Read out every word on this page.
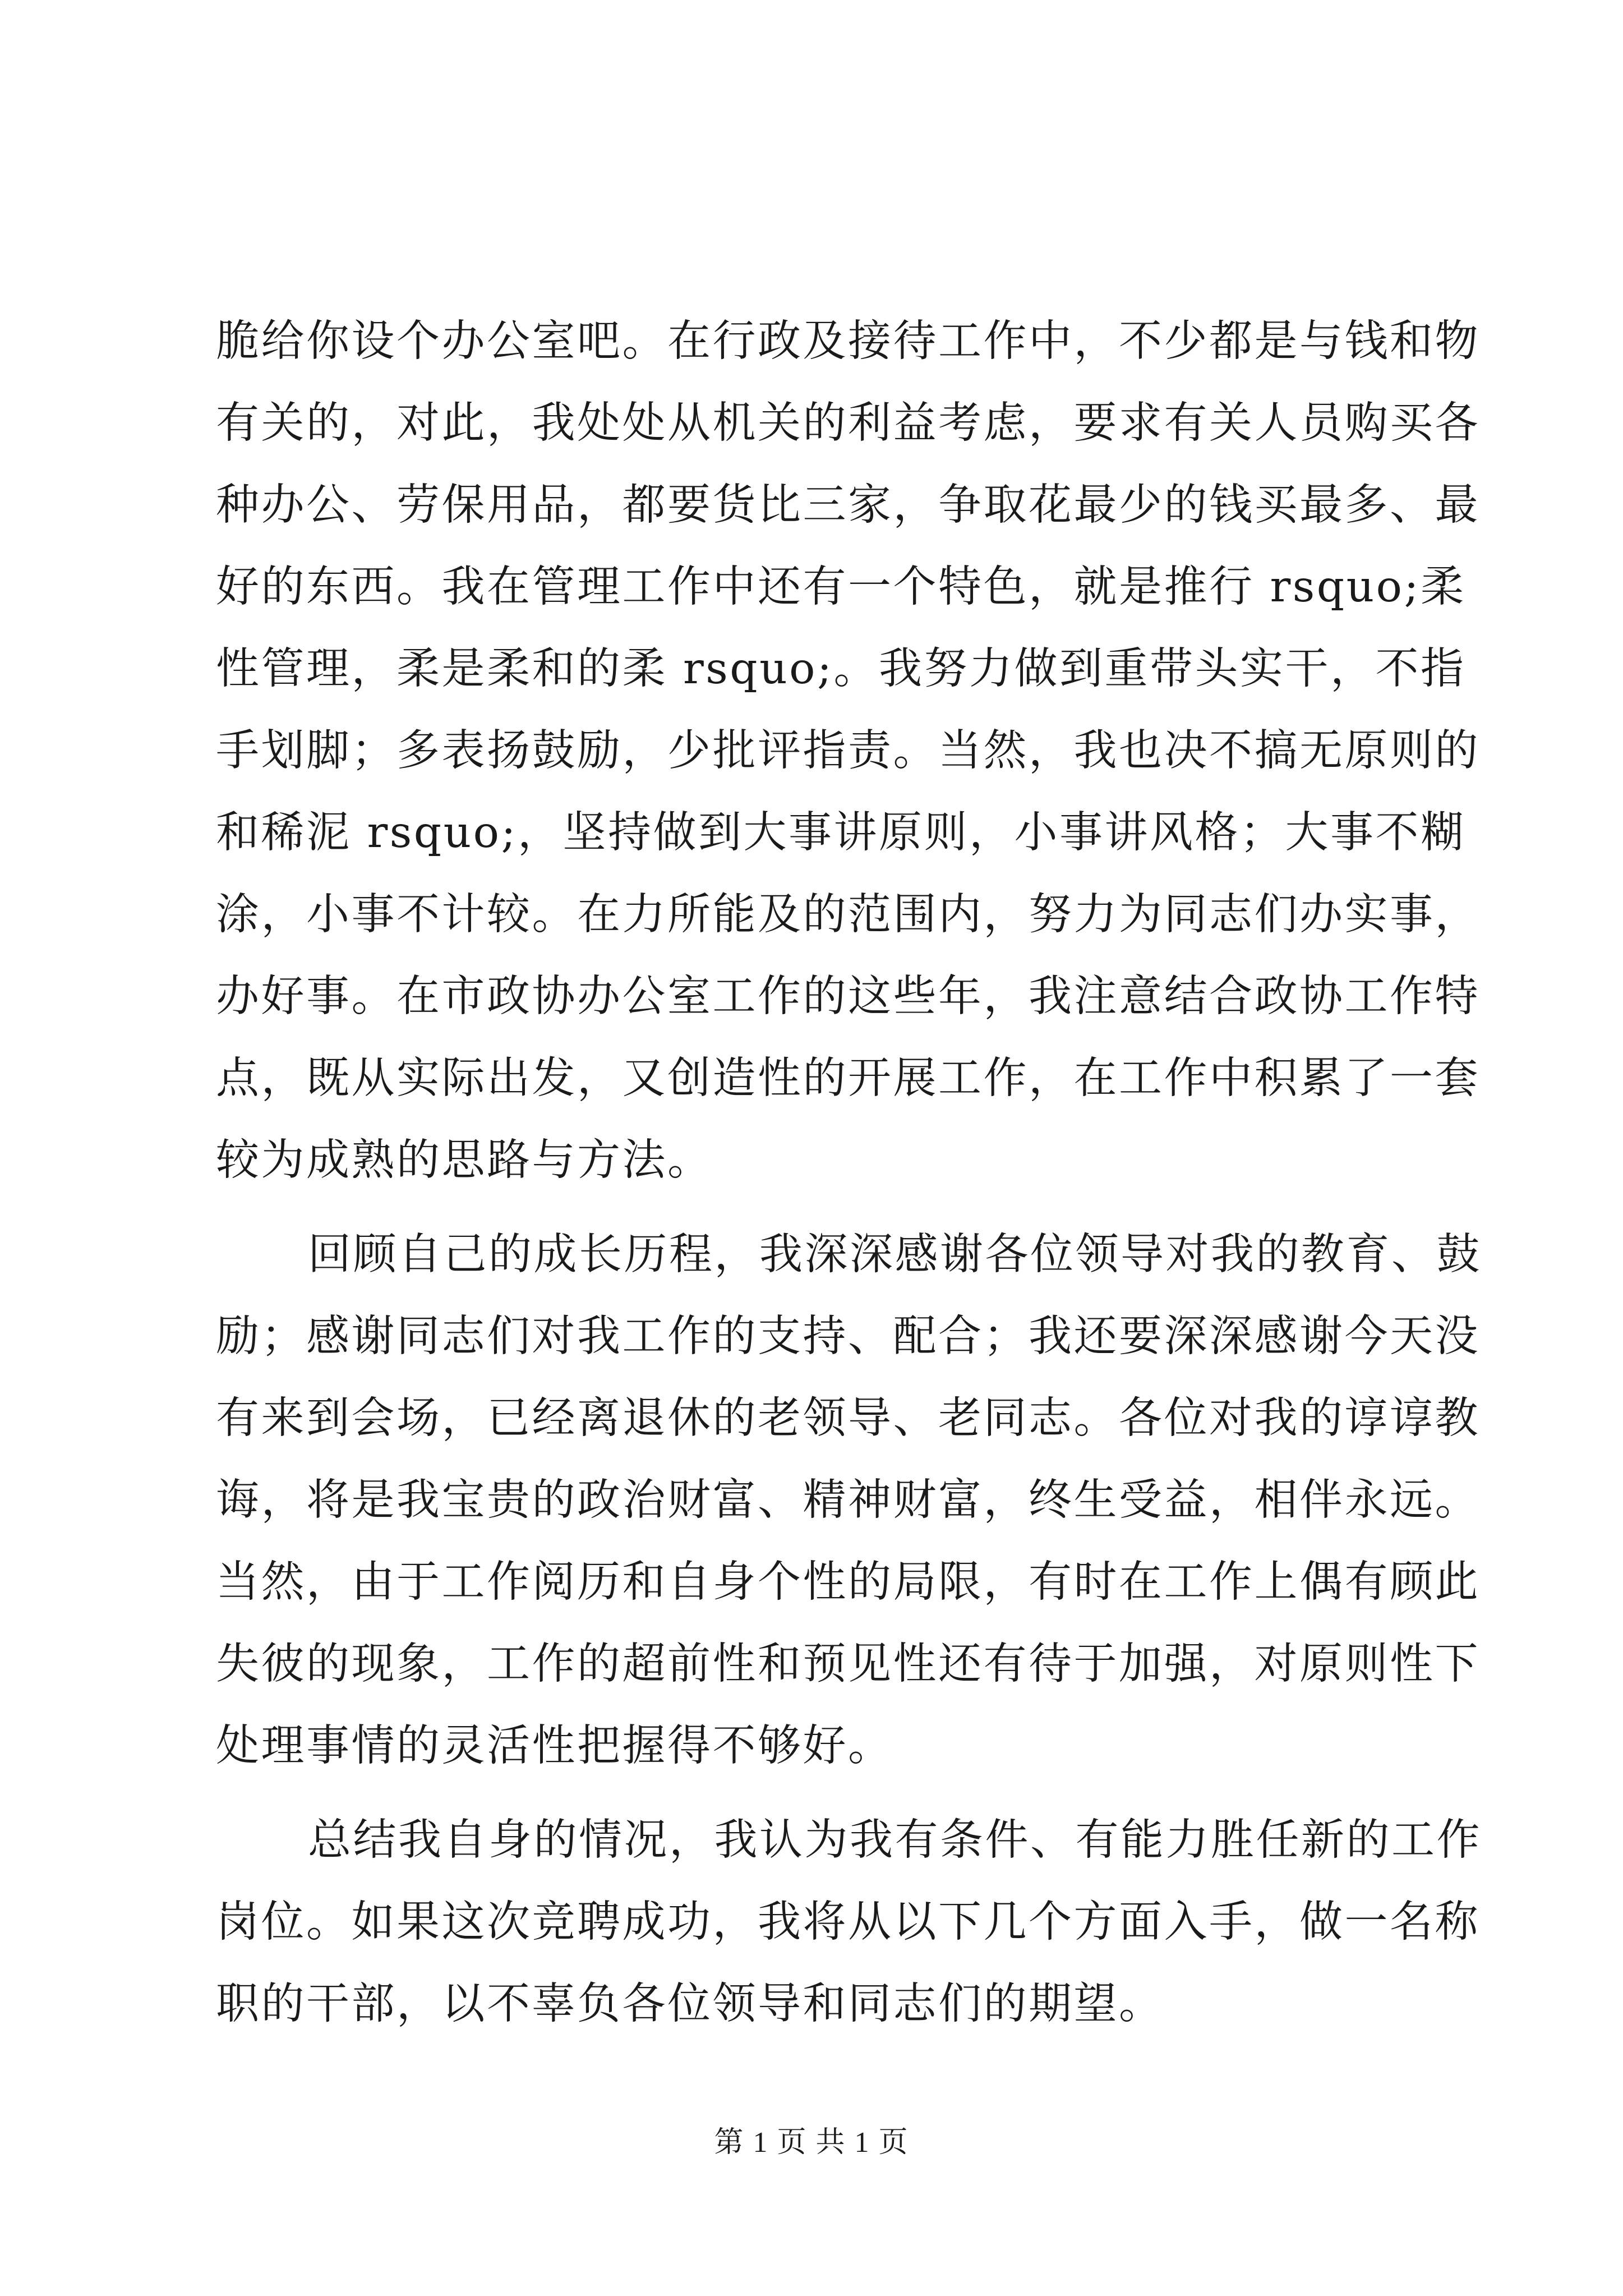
脆给你设个办公室吧。在行政及接待工作中，不少都是与钱和物
有关的，对此，我处处从机关的利益考虑，要求有关人员购买各
种办公、劳保用品，都要货比三家，争取花最少的钱买最多、最
好的东西。我在管理工作中还有一个特色，就是推行 rsquo;柔
性管理，柔是柔和的柔 rsquo;。我努力做到重带头实干，不指
手划脚；多表扬鼓励，少批评指责。当然，我也决不搞无原则的
和稀泥 rsquo;，坚持做到大事讲原则，小事讲风格；大事不糊
涂，小事不计较。在力所能及的范围内，努力为同志们办实事，
办好事。在市政协办公室工作的这些年，我注意结合政协工作特
点，既从实际出发，又创造性的开展工作，在工作中积累了一套
较为成熟的思路与方法。
回顾自己的成长历程，我深深感谢各位领导对我的教育、鼓
励；感谢同志们对我工作的支持、配合；我还要深深感谢今天没
有来到会场，已经离退休的老领导、老同志。各位对我的谆谆教
诲，将是我宝贵的政治财富、精神财富，终生受益，相伴永远。
当然，由于工作阅历和自身个性的局限，有时在工作上偶有顾此
失彼的现象，工作的超前性和预见性还有待于加强，对原则性下
处理事情的灵活性把握得不够好。
总结我自身的情况，我认为我有条件、有能力胜任新的工作
岗位。如果这次竞聘成功，我将从以下几个方面入手，做一名称
职的干部，以不辜负各位领导和同志们的期望。
第 1 页 共 1 页
